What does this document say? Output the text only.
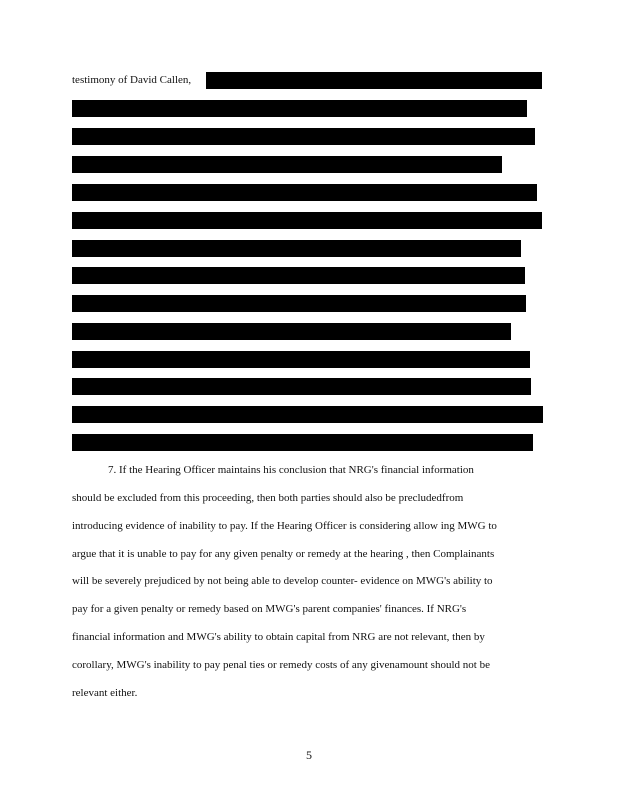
testimony of David Callen,
7. If the Hearing Officer maintains his conclusion that NRG's financial information
should be excluded from this proceeding, then both parties should also be precludedfrom
introducing evidence of inability to pay. If the Hearing Officer is considering allow ing MWG to
argue that it is unable to pay for any given penalty or remedy at the hearing , then Complainants
will be severely prejudiced by not being able to develop counter- evidence on MWG's ability to
pay for a given penalty or remedy based on MWG's parent companies' finances. If NRG's
financial information and MWG's ability to obtain capital from NRG are not relevant, then by
corollary, MWG's inability to pay penal ties or remedy costs of any givenamount should not be
relevant either.
5
